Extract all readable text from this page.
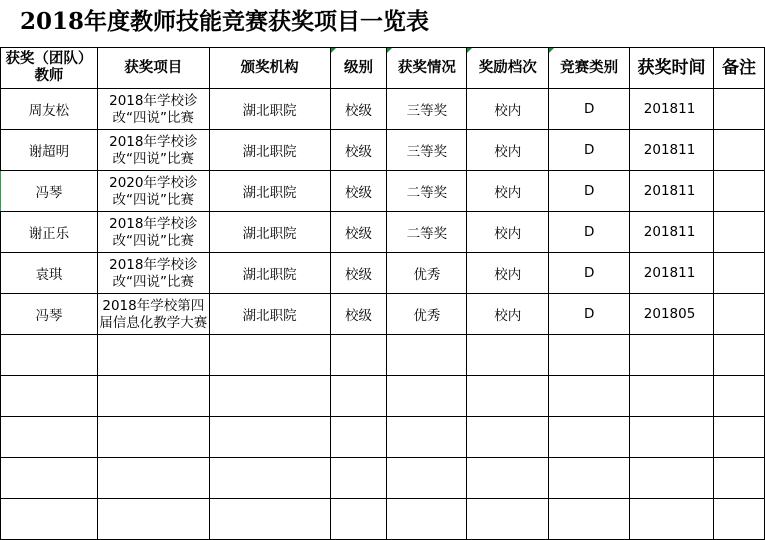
2018年度教师技能竞赛获奖项目一览表
获奖（团队）教师	获奖项目	颁奖机构	级别	获奖情况	奖励档次	竞赛类别	获奖时间	备注
周友松	2018年学校诊改“四说”比赛	湖北职院	校级	三等奖	校内	D	201811	
谢超明	2018年学校诊改“四说”比赛	湖北职院	校级	三等奖	校内	D	201811	
冯琴	2020年学校诊改“四说”比赛	湖北职院	校级	二等奖	校内	D	201811	
谢正乐	2018年学校诊改“四说”比赛	湖北职院	校级	二等奖	校内	D	201811	
袁琪	2018年学校诊改“四说”比赛	湖北职院	校级	优秀	校内	D	201811	
冯琴	2018年学校第四届信息化教学大赛	湖北职院	校级	优秀	校内	D	201805	
